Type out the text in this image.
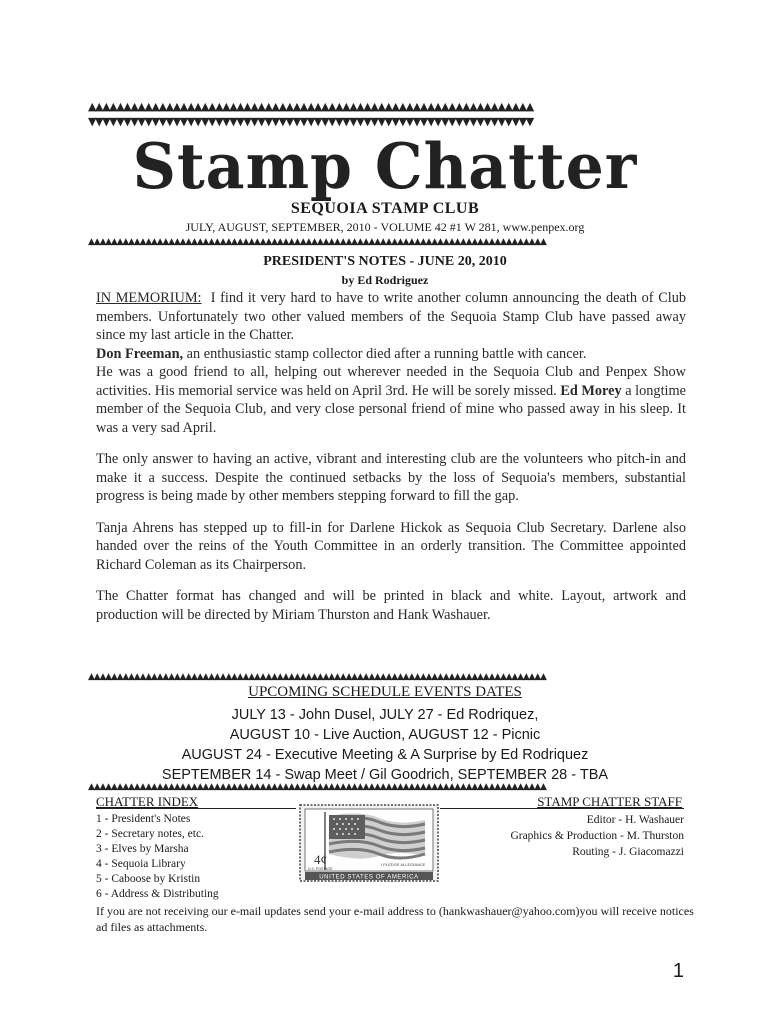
▲▲▲▲▲▲▲▲▲▲▲▲▲▲▲▲▲▲▲▲▲▲▲▲▲▲▲▲▲▲▲▲▲▲▲▲▲▲▲▲▲▲▲▲▲▲▲▲▲▲▲▲▲▲▲▲▲▲▲▲▲▲▲
▼▼▼▼▼▼▼▼▼▼▼▼▼▼▼▼▼▼▼▼▼▼▼▼▼▼▼▼▼▼▼▼▼▼▼▼▼▼▼▼▼▼▼▼▼▼▼▼▼▼▼▼▼▼▼▼▼▼▼▼▼▼▼
Stamp Chatter
SEQUOIA STAMP CLUB
JULY, AUGUST, SEPTEMBER, 2010 - VOLUME 42 #1 W 281, www.penpex.org
▲▲▲▲▲▲▲▲▲▲▲▲▲▲▲▲▲▲▲▲▲▲▲▲▲▲▲▲▲▲▲▲▲▲▲▲▲▲▲▲▲▲▲▲▲▲▲▲▲▲▲▲▲▲▲▲▲▲▲▲▲▲▲▲▲▲▲▲▲▲▲▲▲▲▲▲▲▲▲▲
PRESIDENT'S NOTES - JUNE 20, 2010
by Ed Rodriguez

IN MEMORIUM: I find it very hard to have to write another column announcing the death of Club members. Unfortunately two other valued members of the Sequoia Stamp Club have passed away since my last article in the Chatter.

Don Freeman, an enthusiastic stamp collector died after a running battle with cancer.

He was a good friend to all, helping out wherever needed in the Sequoia Club and Penpex Show activities. His memorial service was held on April 3rd. He will be sorely missed. Ed Morey a longtime member of the Sequoia Club, and very close personal friend of mine who passed away in his sleep. It was a very sad April.

The only answer to having an active, vibrant and interesting club are the volunteers who pitch-in and make it a success. Despite the continued setbacks by the loss of Sequoia's members, substantial progress is being made by other members stepping forward to fill the gap.

Tanja Ahrens has stepped up to fill-in for Darlene Hickok as Sequoia Club Secretary. Darlene also handed over the reins of the Youth Committee in an orderly transition. The Committee appointed Richard Coleman as its Chairperson.

The Chatter format has changed and will be printed in black and white. Layout, artwork and production will be directed by Miriam Thurston and Hank Washauer.

▲▲▲▲▲▲▲▲▲▲▲▲▲▲▲▲▲▲▲▲▲▲▲▲▲▲▲▲▲▲▲▲▲▲▲▲▲▲▲▲▲▲▲▲▲▲▲▲▲▲▲▲▲▲▲▲▲▲▲▲▲▲▲▲▲▲▲▲▲▲▲▲▲▲▲▲▲▲▲▲
UPCOMING SCHEDULE EVENTS DATES
JULY 13 - John Dusel, JULY 27 - Ed Rodriquez,
AUGUST 10 - Live Auction, AUGUST 12 - Picnic
AUGUST 24 - Executive Meeting & A Surprise by Ed Rodriquez
SEPTEMBER 14 - Swap Meet / Gil Goodrich, SEPTEMBER 28 - TBA
▲▲▲▲▲▲▲▲▲▲▲▲▲▲▲▲▲▲▲▲▲▲▲▲▲▲▲▲▲▲▲▲▲▲▲▲▲▲▲▲▲▲▲▲▲▲▲▲▲▲▲▲▲▲▲▲▲▲▲▲▲▲▲▲▲▲▲▲▲▲▲▲▲▲▲▲▲▲▲▲
CHATTER INDEX
1 - President's Notes
2 - Secretary notes, etc.
3 - Elves by Marsha
4 - Sequoia Library
5 - Caboose by Kristin
6 - Address & Distributing
4¢
U.S. POSTAGE
I PLEDGE ALLEGIANCE
UNITED STATES OF AMERICA
STAMP CHATTER STAFF
Editor - H. Washauer
Graphics & Production - M. Thurston
Routing - J. Giacomazzi
If you are not receiving our e-mail updates send your e-mail address to (hankwashauer@yahoo.com)you will receive notices ad files as attachments.
1
